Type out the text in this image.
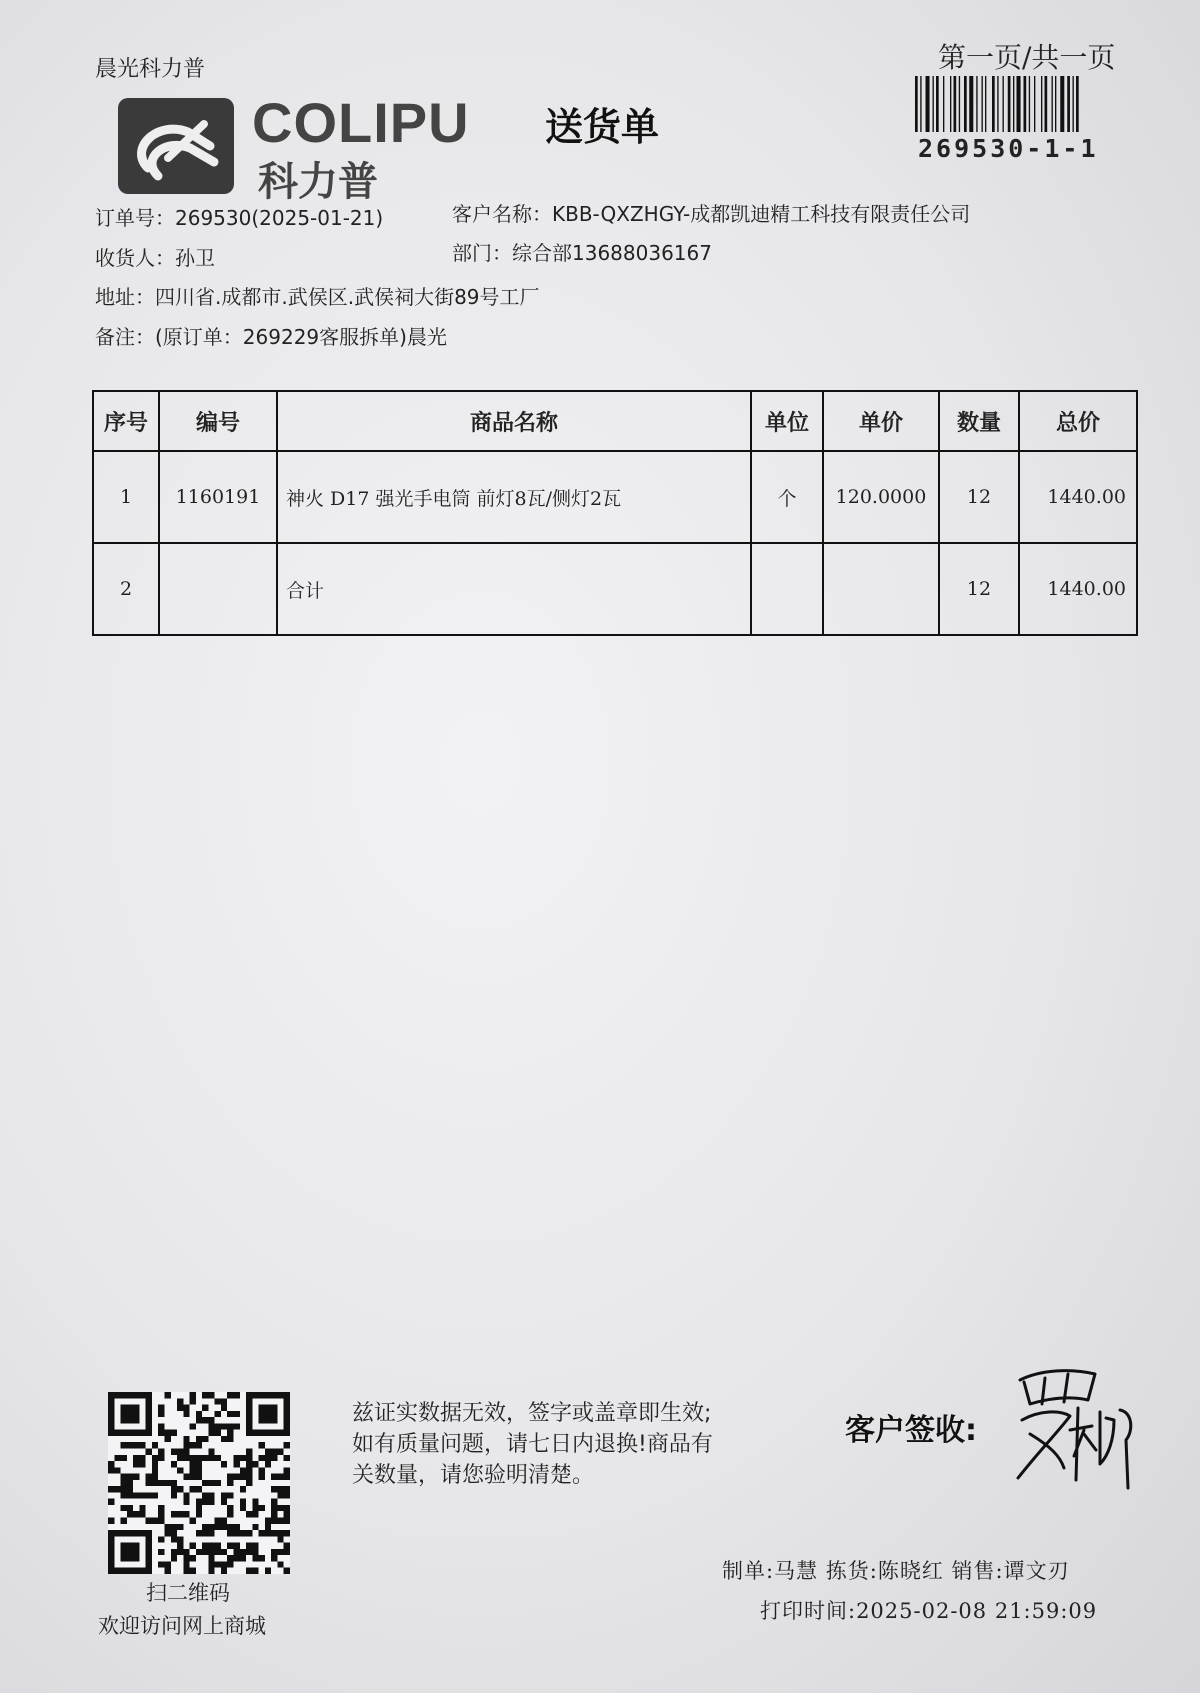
晨光科力普
COLIPU
科力普
送货单
第一页/共一页
269530-1-1
订单号：269530(2025-01-21)	客户名称：KBB-QXZHGY-成都凯迪精工科技有限责任公司
收货人：孙卫	部门：综合部13688036167
地址：四川省.成都市.武侯区.武侯祠大街89号工厂
备注：(原订单：269229客服拆单)晨光
序号	编号	商品名称	单位	单价	数量	总价
1	1160191	神火 D17 强光手电筒 前灯8瓦/侧灯2瓦	个	120.0000	12	1440.00
2		合计			12	1440.00
扫二维码
欢迎访问网上商城
兹证实数据无效，签字或盖章即生效;
如有质量问题，请七日内退换!商品有
关数量，请您验明清楚。
客户签收:
制单:马慧 拣货:陈晓红 销售:谭文刃
打印时间:2025-02-08 21:59:09
